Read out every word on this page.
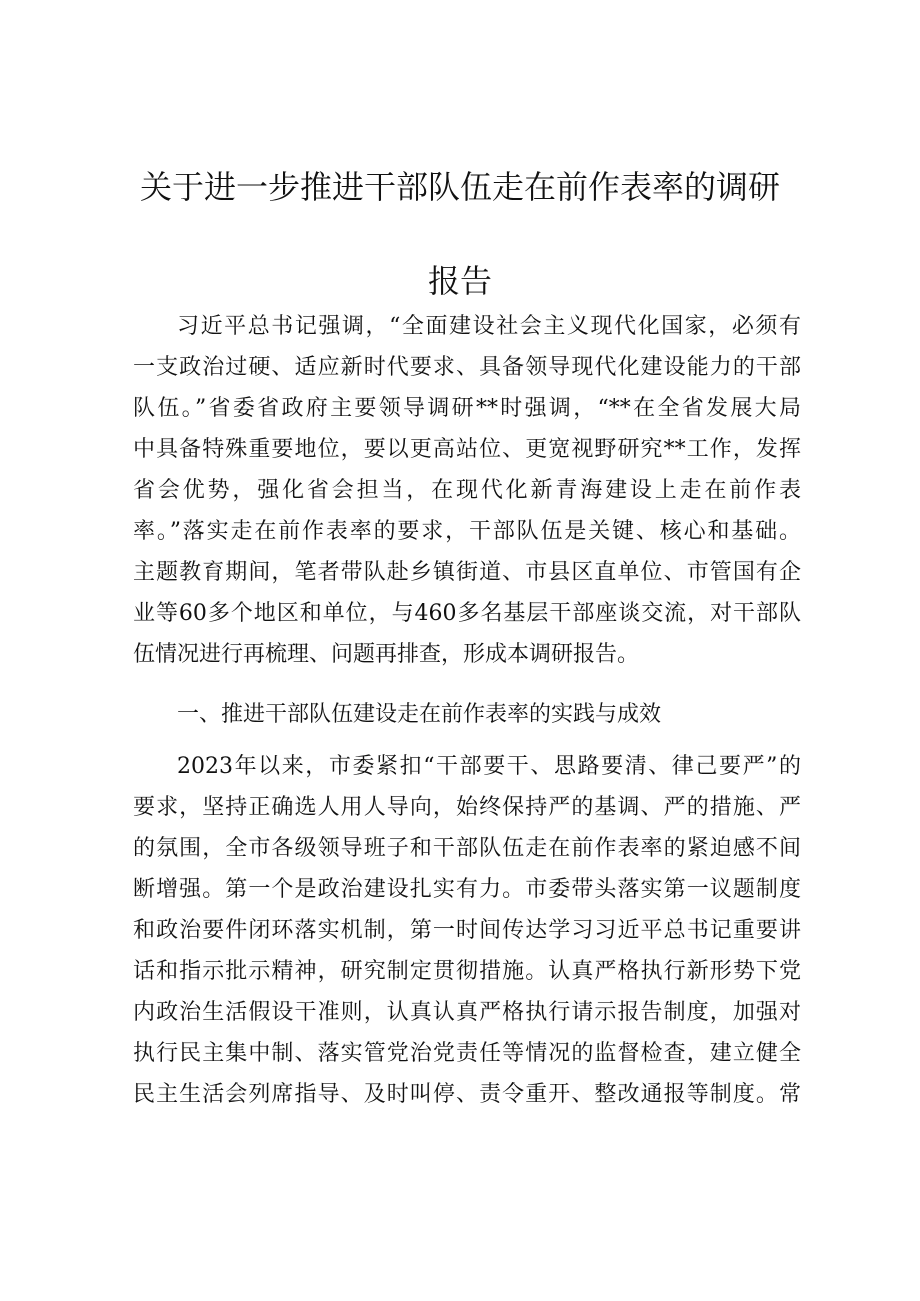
关于进一步推进干部队伍走在前作表率的调研
报告
习近平总书记强调，“全面建设社会主义现代化国家，必须有
一支政治过硬、适应新时代要求、具备领导现代化建设能力的干部
队伍。”省委省政府主要领导调研**时强调，“**在全省发展大局
中具备特殊重要地位，要以更高站位、更宽视野研究**工作，发挥
省会优势，强化省会担当，在现代化新青海建设上走在前作表
率。”落实走在前作表率的要求，干部队伍是关键、核心和基础。
主题教育期间，笔者带队赴乡镇街道、市县区直单位、市管国有企
业等60多个地区和单位，与460多名基层干部座谈交流，对干部队
伍情况进行再梳理、问题再排查，形成本调研报告。
一、推进干部队伍建设走在前作表率的实践与成效
2023年以来，市委紧扣“干部要干、思路要清、律己要严”的
要求，坚持正确选人用人导向，始终保持严的基调、严的措施、严
的氛围，全市各级领导班子和干部队伍走在前作表率的紧迫感不间
断增强。第一个是政治建设扎实有力。市委带头落实第一议题制度
和政治要件闭环落实机制，第一时间传达学习习近平总书记重要讲
话和指示批示精神，研究制定贯彻措施。认真严格执行新形势下党
内政治生活假设干准则，认真认真严格执行请示报告制度，加强对
执行民主集中制、落实管党治党责任等情况的监督检查，建立健全
民主生活会列席指导、及时叫停、责令重开、整改通报等制度。常
